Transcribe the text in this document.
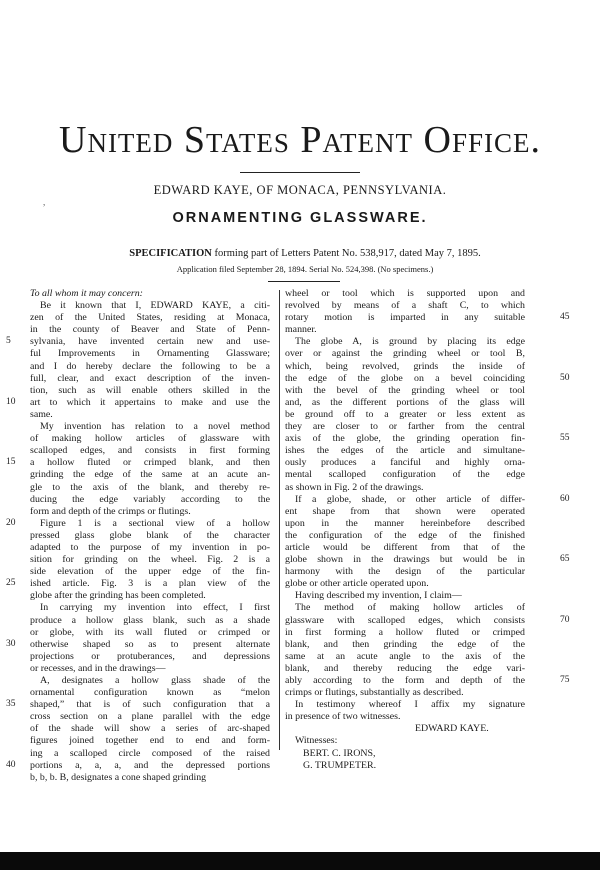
,
United States Patent Office.
EDWARD KAYE, OF MONACA, PENNSYLVANIA.
ORNAMENTING GLASSWARE.
SPECIFICATION forming part of Letters Patent No. 538,917, dated May 7, 1895.
Application filed September 28, 1894. Serial No. 524,398. (No specimens.)
To all whom it may concern:
Be it known that I, EDWARD KAYE, a citi-
zen of the United States, residing at Monaca,
in the county of Beaver and State of Penn-
sylvania, have invented certain new and use-
ful Improvements in Ornamenting Glassware;
and I do hereby declare the following to be a
full, clear, and exact description of the inven-
tion, such as will enable others skilled in the
art to which it appertains to make and use the
same.
My invention has relation to a novel method
of making hollow articles of glassware with
scalloped edges, and consists in first forming
a hollow fluted or crimped blank, and then
grinding the edge of the same at an acute an-
gle to the axis of the blank, and thereby re-
ducing the edge variably according to the
form and depth of the crimps or flutings.
Figure 1 is a sectional view of a hollow
pressed glass globe blank of the character
adapted to the purpose of my invention in po-
sition for grinding on the wheel. Fig. 2 is a
side elevation of the upper edge of the fin-
ished article. Fig. 3 is a plan view of the
globe after the grinding has been completed.
In carrying my invention into effect, I first
produce a hollow glass blank, such as a shade
or globe, with its wall fluted or crimped or
otherwise shaped so as to present alternate
projections or protuberances, and depressions
or recesses, and in the drawings—
A, designates a hollow glass shade of the
ornamental configuration known as “melon
shaped,” that is of such configuration that a
cross section on a plane parallel with the edge
of the shade will show a series of arc-shaped
figures joined together end to end and form-
ing a scalloped circle composed of the raised
portions a, a, a, and the depressed portions
b, b, b. B, designates a cone shaped grinding
wheel or tool which is supported upon and
revolved by means of a shaft C, to which
rotary motion is imparted in any suitable
manner.
The globe A, is ground by placing its edge
over or against the grinding wheel or tool B,
which, being revolved, grinds the inside of
the edge of the globe on a bevel coinciding
with the bevel of the grinding wheel or tool
and, as the different portions of the glass will
be ground off to a greater or less extent as
they are closer to or farther from the central
axis of the globe, the grinding operation fin-
ishes the edges of the article and simultane-
ously produces a fanciful and highly orna-
mental scalloped configuration of the edge
as shown in Fig. 2 of the drawings.
If a globe, shade, or other article of differ-
ent shape from that shown were operated
upon in the manner hereinbefore described
the configuration of the edge of the finished
article would be different from that of the
globe shown in the drawings but would be in
harmony with the design of the particular
globe or other article operated upon.
Having described my invention, I claim—
The method of making hollow articles of
glassware with scalloped edges, which consists
in first forming a hollow fluted or crimped
blank, and then grinding the edge of the
same at an acute angle to the axis of the
blank, and thereby reducing the edge vari-
ably according to the form and depth of the
crimps or flutings, substantially as described.
In testimony whereof I affix my signature
in presence of two witnesses.
EDWARD KAYE.
Witnesses:
BERT. C. IRONS,
G. TRUMPETER.
5
10
15
20
25
30
35
40
45
50
55
60
65
70
75
